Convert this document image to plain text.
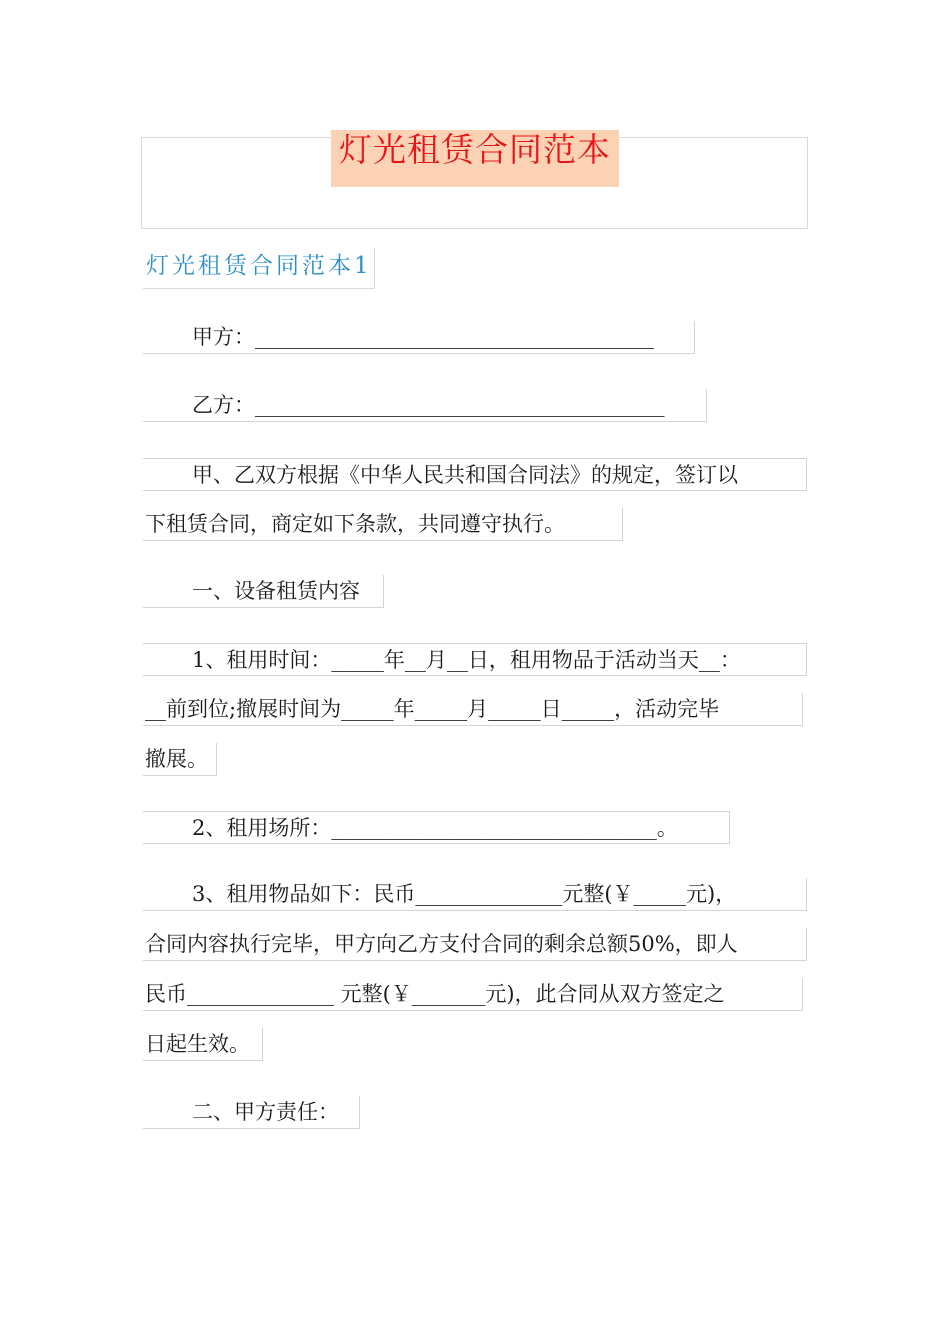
灯光租赁合同范本
灯光租赁合同范本1
甲方：______________________________________
乙方：_______________________________________
甲、乙双方根据《中华人民共和国合同法》的规定，签订以
下租赁合同，商定如下条款，共同遵守执行。
一、设备租赁内容
1、租用时间：_____年__月__日，租用物品于活动当天__：
__前到位;撤展时间为_____年_____月_____日_____，活动完毕
撤展。
2、租用场所：_______________________________。
3、租用物品如下：民币______________元整(￥_____元)，
合同内容执行完毕，甲方向乙方支付合同的剩余总额50%，即人
民币______________ 元整(￥_______元)，此合同从双方签定之
日起生效。
二、甲方责任：
